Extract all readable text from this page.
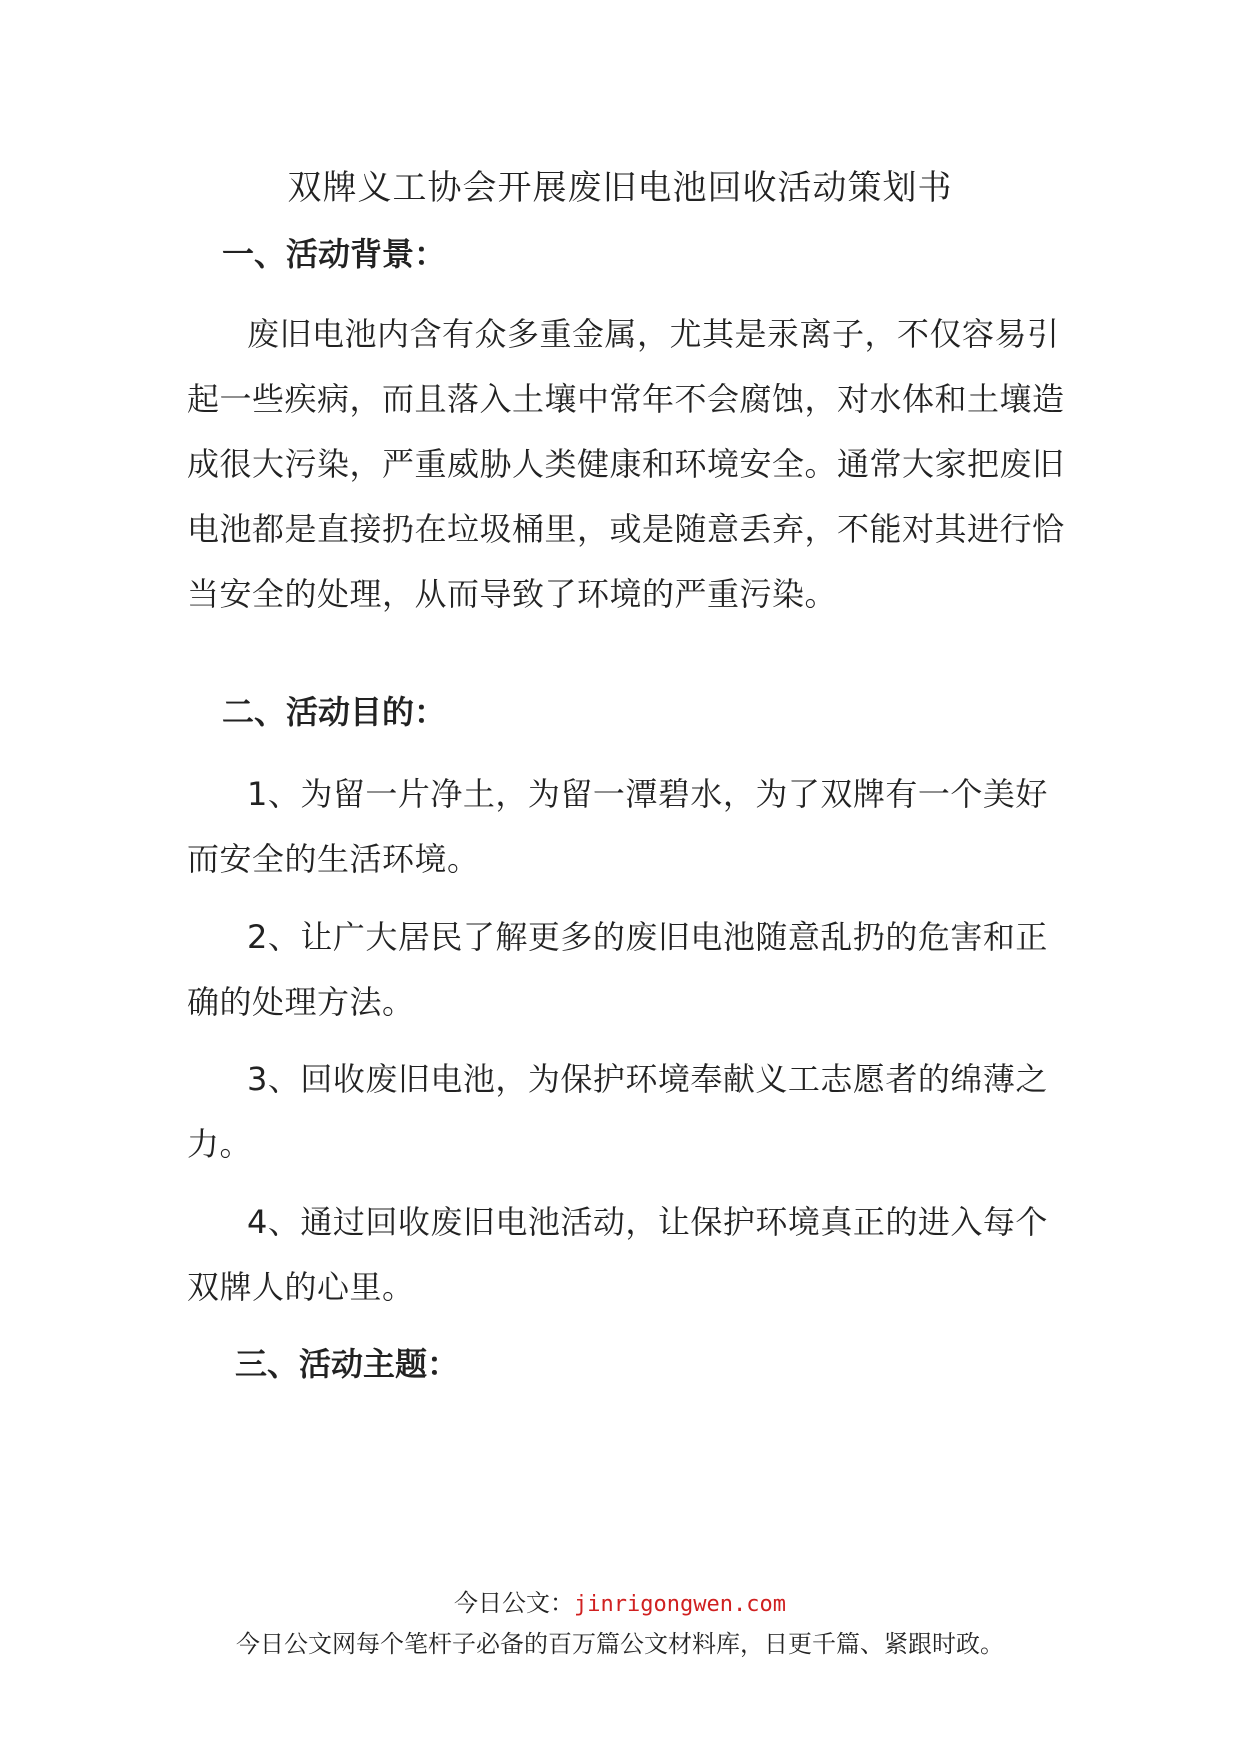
双牌义工协会开展废旧电池回收活动策划书
一、活动背景：
废旧电池内含有众多重金属，尤其是汞离子，不仅容易引起一些疾病，而且落入土壤中常年不会腐蚀，对水体和土壤造成很大污染，严重威胁人类健康和环境安全。通常大家把废旧电池都是直接扔在垃圾桶里，或是随意丢弃，不能对其进行恰当安全的处理，从而导致了环境的严重污染。
二、活动目的：
1、为留一片净土，为留一潭碧水，为了双牌有一个美好而安全的生活环境。
2、让广大居民了解更多的废旧电池随意乱扔的危害和正确的处理方法。
3、回收废旧电池，为保护环境奉献义工志愿者的绵薄之力。
4、通过回收废旧电池活动，让保护环境真正的进入每个双牌人的心里。
三、活动主题：
今日公文：jinrigongwen.com
今日公文网每个笔杆子必备的百万篇公文材料库，日更千篇、紧跟时政。
